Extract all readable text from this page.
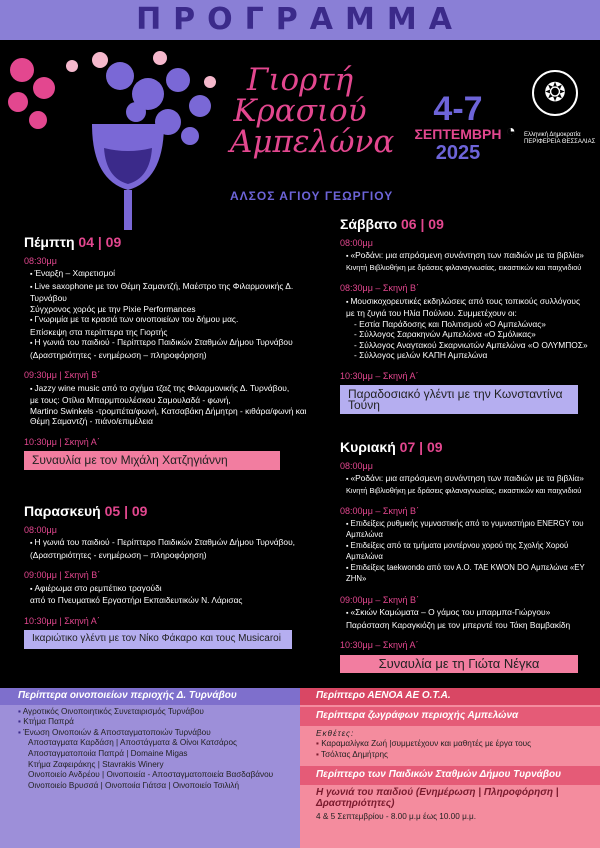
ΠΡΟΓΡΑΜΜΑ
Γιορτή
Κρασιού
Αμπελώνα
ΑΛΣΟΣ ΑΓΙΟΥ ΓΕΩΡΓΙΟΥ
4-7
ΣΕΠΤΕΜΒΡΗ
2025
❂
◔	Ελληνική Δημοκρατία
ΠΕΡΙΦΕΡΕΙΑ ΘΕΣΣΑΛΙΑΣ
Πέμπτη 04 | 09
08:30μμ
▪ Έναρξη – Χαιρετισμοί
▪ Live saxophone με τον Θέμη Σαμαντζή, Μαέστρο της Φιλαρμονικής Δ. Τυρνάβου
Σύγχρονος χορός με την Pixie Performances
▪ Γνωριμία με τα κρασιά των οινοποιείων του δήμου μας.
Επίσκεψη στα περίπτερα της Γιορτής
▪ Η γωνιά του παιδιού - Περίπτερο Παιδικών Σταθμών Δήμου Τυρνάβου
(Δραστηριότητες - ενημέρωση – πληροφόρηση)
09:30μμ | Σκηνή Β΄
▪ Jazzy wine music από το σχήμα τζαζ της Φιλαρμονικής Δ. Τυρνάβου,
με τους: Οτίλια Μπαρμπουλέσκου Σαμουλαδά - φωνή,
Martino Swinkels -τρομπέτα/φωνή, Κατσαβάκη Δήμητρη - κιθάρα/φωνή και
Θέμη Σαμαντζή - πιάνο/επιμέλεια
10:30μμ | Σκηνή Α΄
Συναυλία με τον Μιχάλη Χατζηγιάννη
Παρασκευή 05 | 09
08:00μμ
▪ Η γωνιά του παιδιού - Περίπτερο Παιδικών Σταθμών Δήμου Τυρνάβου,
(Δραστηριότητες - ενημέρωση – πληροφόρηση)
09:00μμ | Σκηνή Β΄
▪ Αφιέρωμα στο ρεμπέτικο τραγούδι
από το Πνευματικό Εργαστήρι Εκπαιδευτικών Ν. Λάρισας
10:30μμ | Σκηνή Α΄
Ικαριώτικο γλέντι με τον Νίκο Φάκαρο και τους Musicaroi
Σάββατο 06 | 09
08:00μμ
▪ «Ροδάνι: μια απρόσμενη συνάντηση των παιδιών με τα βιβλία»
Κινητή Βιβλιοθήκη με δράσεις φιλαναγνωσίας, εικαστικών και παιχνιδιού
08:30μμ – Σκηνή Β΄
▪ Μουσικοχορευτικές εκδηλώσεις από τους τοπικούς συλλόγους
με τη ζυγιά του Ηλία Πούλιου. Συμμετέχουν οι:
- Εστία Παράδοσης και Πολιτισμού «Ο Αμπελώνας»
- Σύλλογος Σαρακηνών Αμπελώνα «Ο Σμόλικας»
- Σύλλογος Αναγτακού Σκαρνιωτών Αμπελώνα «Ο ΟΛΥΜΠΟΣ»
- Σύλλογος μελών ΚΑΠΗ Αμπελώνα
10:30μμ – Σκηνή Α΄
Παραδοσιακό γλέντι με την Κωνσταντίνα Τούνη
Κυριακή 07 | 09
08:00μμ
▪ «Ροδάνι: μια απρόσμενη συνάντηση των παιδιών με τα βιβλία»
Κινητή Βιβλιοθήκη με δράσεις φιλαναγνωσίας, εικαστικών και παιχνιδιού
08:00μμ – Σκηνή Β΄
▪ Επιδείξεις ρυθμικής γυμναστικής από το γυμναστήριο ENERGY του Αμπελώνα
▪ Επιδείξεις από τα τμήματα μοντέρνου χορού της Σχολής Χορού Αμπελώνα
▪ Επιδείξεις taekwondo από τον Α.Ο. TAE KWON DO Αμπελώνα «ΕΥ ΖΗΝ»
09:00μμ – Σκηνή Β΄
▪ «Σκιών Καμώματα – Ο γάμος του μπαρμπα-Γιώργου»
Παράσταση Καραγκιόζη με τον μπερντέ του Τάκη Βαμβακίδη
10:30μμ – Σκηνή Α΄
Συναυλία με τη Γιώτα Νέγκα
Περίπτερα οινοποιείων περιοχής Δ. Τυρνάβου
▪ Αγροτικός Οινοποιητικός Συνεταιρισμός Τυρνάβου
▪ Κτήμα Παπρά
▪ Ένωση Οινοποιών & Αποσταγματοποιών Τυρνάβου
Αποσταγματα Καρδάση | Αποστάγματα & Οίνοι Κατσάρος
Αποσταγματοποιία Παπρά | Domaine Migas
Κτήμα Ζαφειράκης | Stavrakis Winery
Οινοποιείο Ανδρέου | Οινοποιεία - Αποσταγματοποιεία Βασδαβάνου
Οινοποιείο Βρυσσά | Οινοποιία Γιάτσα | Οινοποιείο Τσιλιλή
Περίπτερο ΑΕΝΟΑ ΑΕ Ο.Τ.Α.
Περίπτερα ζωγράφων περιοχής Αμπελώνα
Εκθέτες:
▪ Καραμαλίγκα Ζωή |συμμετέχουν και μαθητές με έργα τους
▪ Τσόλτας Δημήτρης
Περίπτερο των Παιδικών Σταθμών Δήμου Τυρνάβου
Η γωνιά του παιδιού (Ενημέρωση | Πληροφόρηση | Δραστηριότητες)
4 & 5 Σεπτεμβρίου - 8.00 μ.μ έως 10.00 μ.μ.
